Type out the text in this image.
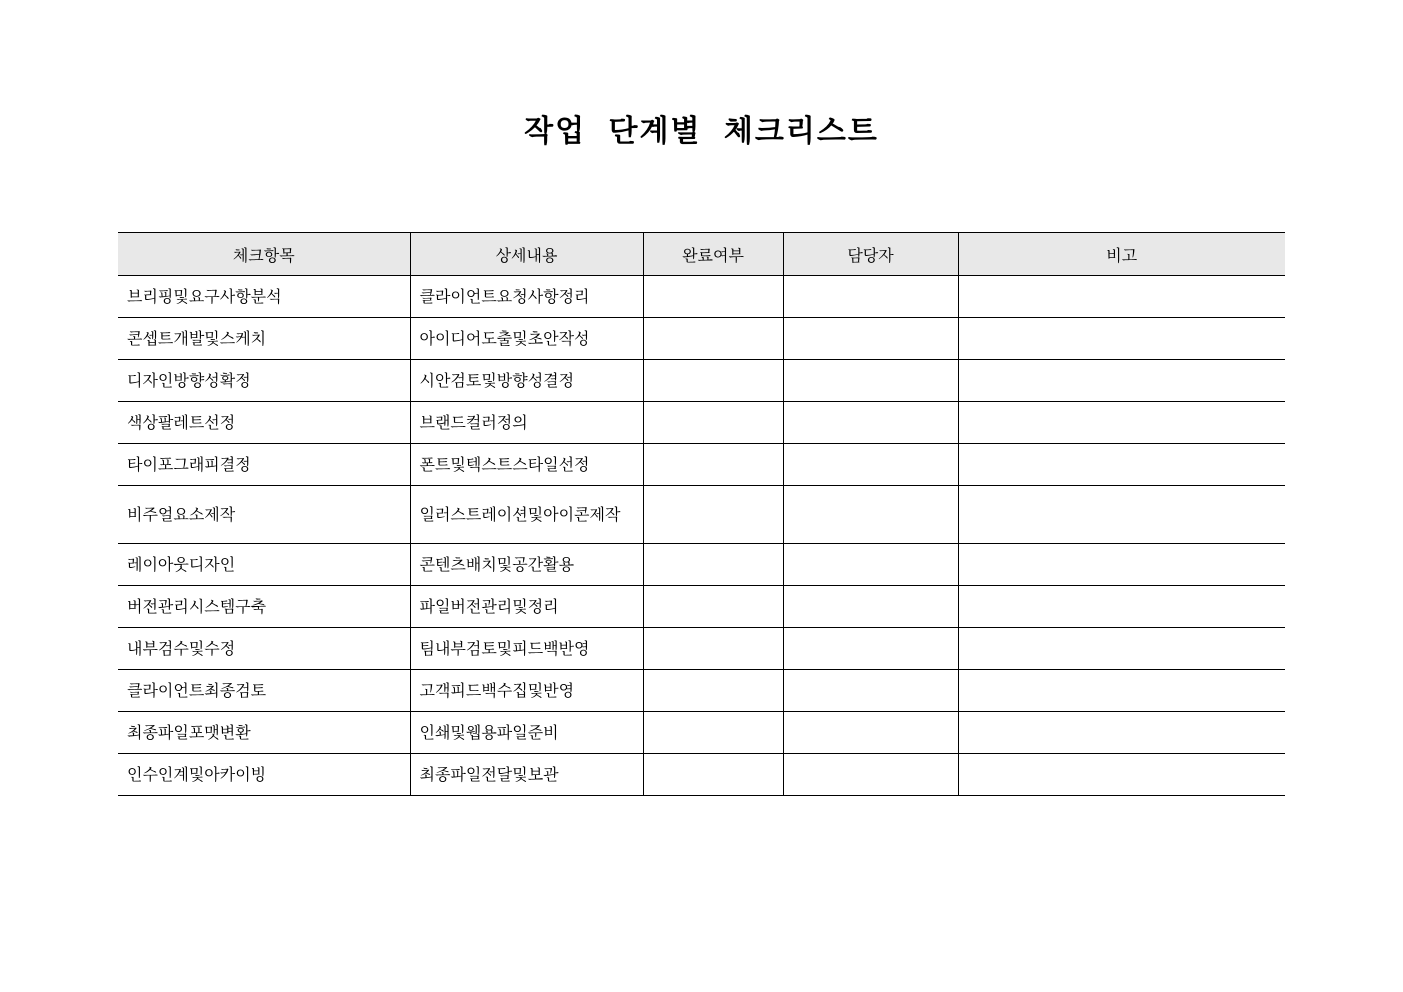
작업 단계별 체크리스트
체크항목	상세내용	완료여부	담당자	비고
브리핑및요구사항분석	클라이언트요청사항정리			
콘셉트개발및스케치	아이디어도출및초안작성			
디자인방향성확정	시안검토및방향성결정			
색상팔레트선정	브랜드컬러정의			
타이포그래피결정	폰트및텍스트스타일선정			
비주얼요소제작	일러스트레이션및아이콘제작			
레이아웃디자인	콘텐츠배치및공간활용			
버전관리시스템구축	파일버전관리및정리			
내부검수및수정	팀내부검토및피드백반영			
클라이언트최종검토	고객피드백수집및반영			
최종파일포맷변환	인쇄및웹용파일준비			
인수인계및아카이빙	최종파일전달및보관			
